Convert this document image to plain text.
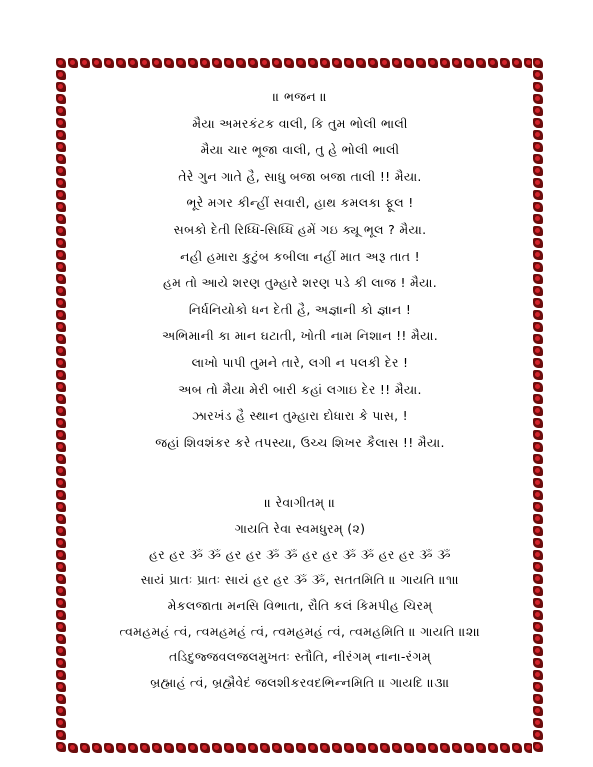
॥ ભજન ॥
મૈયા અમરકંટક વાલી, કિ તુમ ભોલી ભાલી
મૈયા ચાર ભૂજા વાલી, તુ હે ભોલી ભાલી
તેરે ગુન ગાતે હૈ, સાધુ બજા બજા તાલી !! મૈયા.
ભૂરે મગર કીન્હીં સવારી, હાથ કમલકા ફૂલ !
સબકો દેતી રિધ્ધિ-સિધ્ધિ હમેં ગઇ ક્યૂ ભૂલ ? મૈયા.
નહી હમારા કુટુંબ કબીલા નહીં માત અરૂ તાત !
હમ તો આયે શરણ તુમ્હારે શરણ પડે કી લાજ ! મૈયા.
નિર્ધનિયોકો ધન દેતી હૈ, અજ્ઞાની કો જ્ઞાન !
અભિમાની કા માન ઘટાતી, ખોતી નામ નિશાન !! મૈયા.
લાખો પાપી તુમને તારે, લગી ન પલકી દેર !
અબ તો મૈયા મેરી બારી કહાં લગાઇ દેર !! મૈયા.
ઝારખંડ હૈ સ્થાન તુમ્હારા દોધારા કે પાસ, !
જહાં શિવશંકર કરે તપસ્યા, ઉચ્ચ શિખર કૈલાસ !! મૈયા.
॥ રેવાગીતમ્ ॥
ગાયતિ રેવા સ્વમધુરમ્ (૨)
હર હર ૐ ૐ હર હર ૐ ૐ હર હર ૐ ૐ હર હર ૐ ૐ
સાયં પ્રાતઃ પ્રાતઃ સાયં હર હર ૐ ૐ, સતતમિતિ ॥ ગાયતિ ॥૧॥
મેકલજાતા મનસિ વિભાતા, રૌતિ કલં કિમપીહ ચિરમ્
ત્વમહમહં ત્વં, ત્વમહમહં ત્વં, ત્વમહમહં ત્વં, ત્વમહમિતિ ॥ ગાયતિ ॥૨॥
તડિદુજ્જવલજલમુખતઃ સ્તૌતિ, નીરંગમ્ નાના-રંગમ્
બ્રહ્માહં ત્વં, બ્રહ્મૈવેદં જલશીકરવદભિન્નમિતિ ॥ ગાયદિ ॥૩॥
